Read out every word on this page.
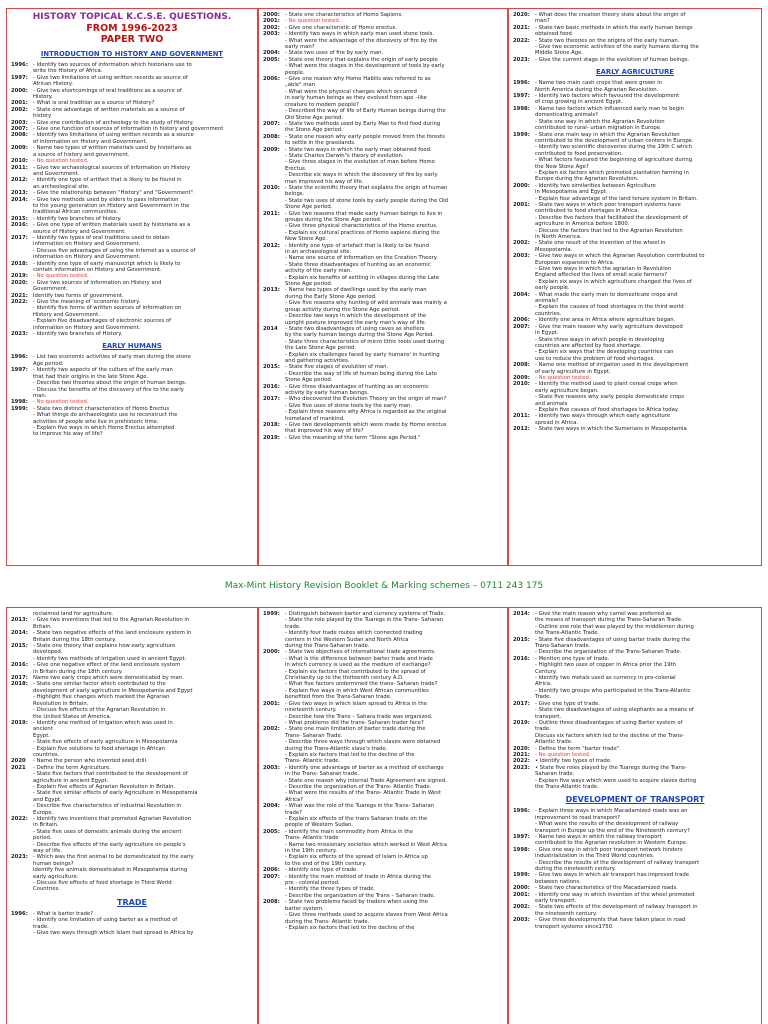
HISTORY TOPICAL K.C.S.E. QUESTIONS.
FROM 1996-2023
PAPER TWO
INTRODUCTION TO HISTORY AND GOVERNMENT
1996: - Identify two sources of information which historians use to
write the History of Africa.
1997: - Give two limitations of using written records as source of
African History.
2000: - Give two shortcomings of oral traditions as a source of
History.
2001: - What is oral tradition as a source of History?
2002: - State one advantage of written materials as a source of
history
2003: - Give one contribution of archeology to the study of History.
2007: - Give one function of sources of information in history and government
2008: - Identify two limitations of using written records as a source
of information on History and Government.
2009: - Name two types of written materials used by historians as
a source of history and government.
2010: - No question tested.
2011: - Give two archaeological sources of information on History
and Government.
2012: - Identify one type of artifact that is likely to be found in
an archeological site.
2013: - Give the relationship between "History" and "Government".
2014: - Give two methods used by elders to pass information
to the young generation on History and Government in the
traditional African communities.
2015: - Identify two branches of history.
2016: - Give one type of written materials used by historians as a
source of History and Government.
2017: - Identify two types of oral traditions used to obtain
information on History and Government.
- Discuss five advantages of using the internet as a source of
information on History and Government.
2018: - Identify one type of early manuscript which is likely to
contain information on History and Government.
2019: - No question tested.
2020: - Give two sources of information on History and
Government.
2021: Identify two forms of government.
2022: - Give the meaning of 'economic history.
- Identify five forms of written sources of information on
History and Government.
- Explain five disadvantages of electronic sources of
information on History and Government.
2023: - Identify two branches of History.
EARLY HUMANS
1996: - List two economic activities of early man during the stone
Age period.
1997: - Identify two aspects of the culture of the early man
that had their origins in the late Stone Age.
- Describe two theories about the origin of human beings.
- Discuss the benefits of the discovery of fire to the early
man.
1998: - No question tested.
1999: - State two distinct characteristics of Homo Erectus
- What things do archaeologists use to reconstruct the
activities of people who live in prehistoric time.
- Explain five ways in which Homo Erectus attempted
to improve his way of life?
2000: - State one characteristics of Homo Sapiens.
2001: - No question tested.
2002: - Give one characteristic of Homo erectus.
2003: - Identify two ways in which early man used stone tools.
- What were the advantage of the discovery of fire by the
early man?
2004: - State two uses of fire by early man.
2005: - State one theory that explains the origin of early people
- What were the stages in the development of tools by early
people.
2006: - Give one reason why Homo Habilis was referred to as
„able" man
- What were the physical changes which occurred
in early human beings as they evolved from ape –like
creature to modern people?
- Described the way of life of Early Human beings during the
Old Stone Age period.
2007: - State two methods used by Early Man to find food during
the Stone Age period.
2008: - State one reason why early people moved from the forests
to settle in the grasslands.
2009: - State two ways in which the early man obtained food.
- State Charles Darwin"s theory of evolution.
- Give three stages in the evolution of man before Homo
Erectus.
- Describe six ways in which the discovery of fire by early
man improved his way of life.
2010: - State the scientific theory that explains the origin of human
beings.
- State two uses of stone tools by early people during the Old
Stone Age period.
2011: - Give two reasons that made early human beings to live in
groups during the Stone Age period.
- Give three physical characteristics of the Homo erectus.
- Explain six cultural practices of Homo sapiens during the
New Stone Age.
2012: - Identify one type of artefact that is likely to be found
in an archaeological site.
- Name one source of information on the Creation Theory.
- State three disadvantages of hunting as an economic
activity of the early man.
- Explain six benefits of settling in villages during the Late
Stone Age period.
2013: - Name two types of dwellings used by the early man
during the Early Stone Age period.
- Give five reasons why hunting of wild animals was mainly a
group activity during the Stone Age period.
- Describe two ways in which the development of the
upright posture improved the early man's way of life.
2014	- State two disadvantages of using caves as shelters
by the early human beings during the Stone Age Period.
- State three characteristics of micro lithic tools used during
the Late Stone Age period.
- Explain six challenges faced by early humans' in hunting
and gathering activities.
2015: - State five stages of evolution of man.
- Describe the way of life of human being during the Late
Stone Age period.
2016: - Give three disadvantages of hunting as an economic
activity by early human beings.
2017: - Who discovered the Evolution Theory on the origin of man?
- Give five uses of stone tools by the early man.
- Explain three reasons why Africa is regarded as the original
homeland of mankind.
2018: - Give two developments which were made by Homo erectus
that improved his way of life?
2019: - Give the meaning of the term "Stone age Period."
2020: - What does the creation theory state about the origin of
man?
2021: - State two basic methods in which the early human beings
obtained food.
2022: - State two theories on the origins of the early human.
- Give two economic activities of the early humans during the
Middle Stone Age.
2023: - Give the current stage in the evolution of human beings.
EARLY AGRICULTURE
1996: - Name two main cash crops that were grown in
North America during the Agrarian Revolution.
1997: - Identify two factors which favoured the development
of crop growing in ancient Egypt.
1998: - Name two factors which influenced early man to begin
domesticating animals?
- State one way in which the Agrarian Revolution
contributed to rural- urban migration in Europe.
1999: - State one main way in which the Agrarian Revolution
contributed to the development of urban centers in Europe.
- Identify two scientific discoveries during the 19th C which
contributed to food preservation.
- What factors favoured the beginning of agriculture during
the New Stone Age?
- Explain six factors which promoted plantation farming in
Europe during the Agrarian Revolution.
2000: - Identify two similarities between Agriculture
in Mesopotamia and Egypt.
- Explain four advantage of the land tenure system in Britain.
2001: - State two ways in which poor transport systems have
contributed to food shortages in Africa.
- Describe five factors that facilitated the development of
agriculture in America before 1800.
- Discuss the factors that led to the Agrarian Revolution
in North America.
2002: - State one result of the invention of the wheel in
Mesopotamia.
2003: - Give two ways in which the Agrarian Revolution contributed to
European expansion to Africa.
- Give two ways in which the agrarian in Revolution
England affected the lives of small scale farmers?
- Explain six ways in which agriculture changed the lives of
early people.
2004: - What made the early man to domesticate crops and
animals?
- Explain the causes of food shortages in the third world
countries.
2006: - Identify one area in Africa where agriculture began.
2007: - Give the main reason why early agriculture developed
in Egypt.
- State three ways in which people in developing
countries are affected by food shortage.
- Explain six ways that the developing countries can
use to reduce the problem of food shortages.
2008: - Name one method of irrigation used in the development
of early agriculture in Egypt.
2009: - No question tested.
2010: - Identify the method used to plant cereal crops when
early agriculture began.
- State five reasons why early people domesticate crops
and animals
- Explain five causes of food shortages to Africa today.
2011: - Identify two ways through which early agriculture
spread in Africa.
2012: - State two ways in which the Sumerians in Mesopotamia
Max-Mint History Revision Booklet & Marking schemes – 0711 243 175
reclaimed land for agriculture.
2013: - Give two inventions that led to the Agrarian Revolution in
Britain.
2014: - State two negative effects of the land enclosure system in
Britain during the 18th century.
2015: - State one theory that explains how early agriculture
developed.
- Identify two methods of irrigation used in ancient Egypt.
2016: - Give one negative effect of the land enclosure system
in Britain during the 18th century.
2017: Name two early crops which were domesticated by man.
2018: - State one similar factor which contributed to the
development of early agriculture in Mesopotamia and Egypt
- Highlight five changes which marked the Agrarian
Revolution in Britain.
- Discuss five effects of the Agrarian Revolution in
the United States of America.
2019: - Identify one method of irrigation which was used in
ancient
Egypt.
- State five effects of early agriculture in Mesopotamia
- Explain five solutions to food shortage in African
countries.
2020	- Name the person who invented seed drill.
2021	- Define the term Agriculture.
- State five factors that contributed to the development of
agriculture in ancient Egypt.
- Explain five effects of Agrarian Revolution in Britain.
- State five similar effects of early Agriculture in Mesopotamia
and Egypt.
- Describe five characteristics of industrial Revolution in
Europe.
2022: - Identify two inventions that promoted Agrarian Revolution
in Britain.
- State five uses of domestic animals during the ancient
period.
- Describe five effects of the early agriculture on people's
way of life.
2023: - Which was the first animal to be domesticated by the early
human beings?
Identify five animals domesticated in Mesopotamia during
early agriculture.
- Discuss five effects of food shortage in Third World
Countries.
TRADE
1996: - What is barter trade?
- Identify one limitation of using barter as a method of
trade.
- Give two ways through which Islam had spread in Africa by
1999: - Distinguish between barter and currency systems of Trade.
- State the role played by the Tuaregs in the Trans- Saharan
trade.
- Identify four trade routes which connected trading
centers in the Western Sudan and North Africa
during the Trans-Saharan trade.
2000: - State two objectives of international trade agreements.
- What is the difference between barter trade and trade
in which currency is used as the medium of exchange?
- Explain six factors that contributed to the spread of
Christianity up to the thirteenth century A.D.
- What five factors undermined the trans- Saharan trade?
- Explain five ways in which West African communities
benefited from the Trans-Saharan trade.
2001: - Give two ways in which Islam spread to Africa in the
nineteenth century.
- Describe how the Trans – Sahara trade was organized.
- What problems did the trans- Saharan trader face?
2002: - State one main limitation of barter trade during the
Trans- Saharan Trade.
- Describe three ways through which slaves were obtained
during the Trans-Atlantic slave's trade.
- Explain six factors that led to the decline of the
Trans- Atlantic trade.
2003: - Identify one advantage of barter as a method of exchange
in the Trans- Saharan trade.
- State one reason why internal Trade Agreement are signed.
- Describe the organization of the Trans- Atlantic Trade.
- What were the results of the Trans- Atlantic Trade in West
Africa?
2004: - What was the role of the Tuaregs in the Trans- Saharan
trade?
- Explain six effects of the trans Saharan trade on the
people of Western Sudan.
2005: - Identify the main commodity from Africa in the
Trans- Atlantic trade
- Name two missionary societies which worked in West Africa
in the 19th century.
- Explain six effects of the spread of Islam in Africa up
to the end of the 19th century.
2006: - Identify one type of trade.
2007: - Identify the main method of trade in Africa during the
pre - colonial period.
- Identify the three types of trade.
- Describe the organization of the Trans – Saharan trade.
2008: - State two problems faced by traders when using the
barter system.
- Give three methods used to acquire slaves from West Africa
during the Trans- Atlantic trade.
- Explain six factors that led to the decline of the
2014: - Give the main reason why camel was preferred as
the means of transport during the Trans-Saharan Trade.
- Outline one role that was played by the middlemen during
the Trans-Atlantic Trade.
2015: - State five disadvantages of using barter trade during the
Trans-Saharan trade.
- Describe the organization of the Trans-Saharan Trade.
2016: - Mention one type of trade.
- Highlight two uses of copper in Africa prior the 19th
Century.
- Identify two metals used as currency in pre-colonial
Africa.
- Identify two groups who participated in the Trans-Atlantic
Trade.
2017: - Give one type of trade.
- State two disadvantages of using elephants as a means of
transport.
2019: - Outline three disadvantages of using Barter system of
trade.
Discuss six factors which led to the decline of the Trans-
Atlantic trade.
2020: - Define the term "barter trade".
2021: - No question tested.
2022: • Identify two types of trade.
2023: • State five roles played by the Tuaregs during the Trans-
Saharan trade.
- Explain five ways which were used to acquire slaves during
the Trans-Atlantic trade.
DEVELOPMENT OF TRANSPORT
1996: - Explain three ways in which Macadamized roads was an
improvement to road transport?
- What were the results of the development of railway
transport in Europe up the end of the Nineteenth century?
1997: - Name two ways in which the railway transport
contributed to the Agrarian revolution in Western Europe.
1998: - Give one way in which poor transport network hinders
industrialization in the Third World countries.
- Describe the results of the development of railway transport
during the nineteenth century.
1999: - Give two ways in which air transport has improved trade
between nations.
2000: - State two characteristics of the Macadamized roads.
2001: - Identify one way in which invention of the wheel promoted
early transport.
2002: - State two effects of the development of railway transport in
the nineteenth century.
2003: - Give three developments that have taken place in road
transport systems since1750.
